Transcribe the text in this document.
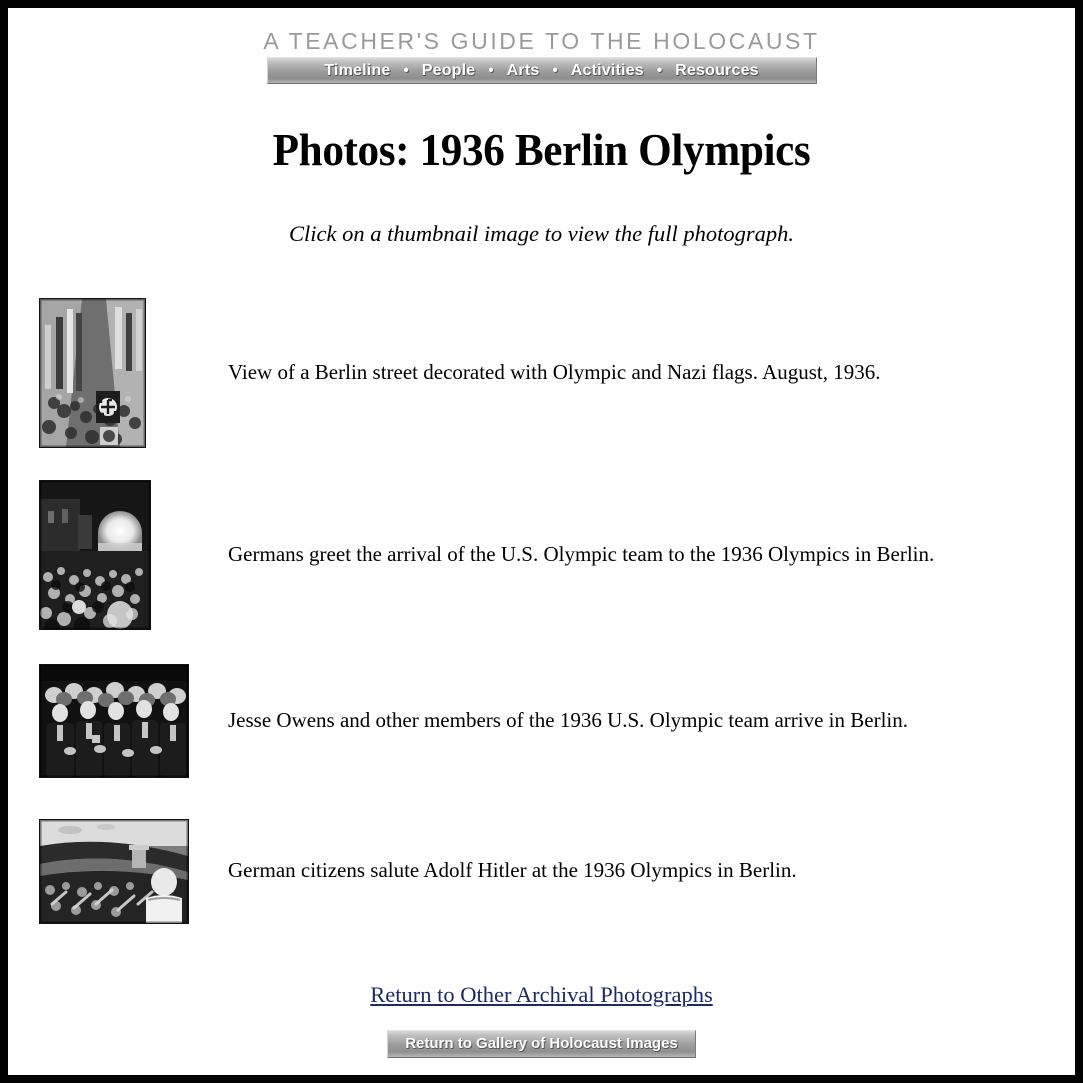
A TEACHER'S GUIDE TO THE HOLOCAUST
Timeline • People • Arts • Activities • Resources
Photos: 1936 Berlin Olympics

Click on a thumbnail image to view the full photograph.

View of a Berlin street decorated with Olympic and Nazi flags. August, 1936.
Germans greet the arrival of the U.S. Olympic team to the 1936 Olympics in Berlin.
Jesse Owens and other members of the 1936 U.S. Olympic team arrive in Berlin.
German citizens salute Adolf Hitler at the 1936 Olympics in Berlin.
Return to Other Archival Photographs
Return to Gallery of Holocaust Images
